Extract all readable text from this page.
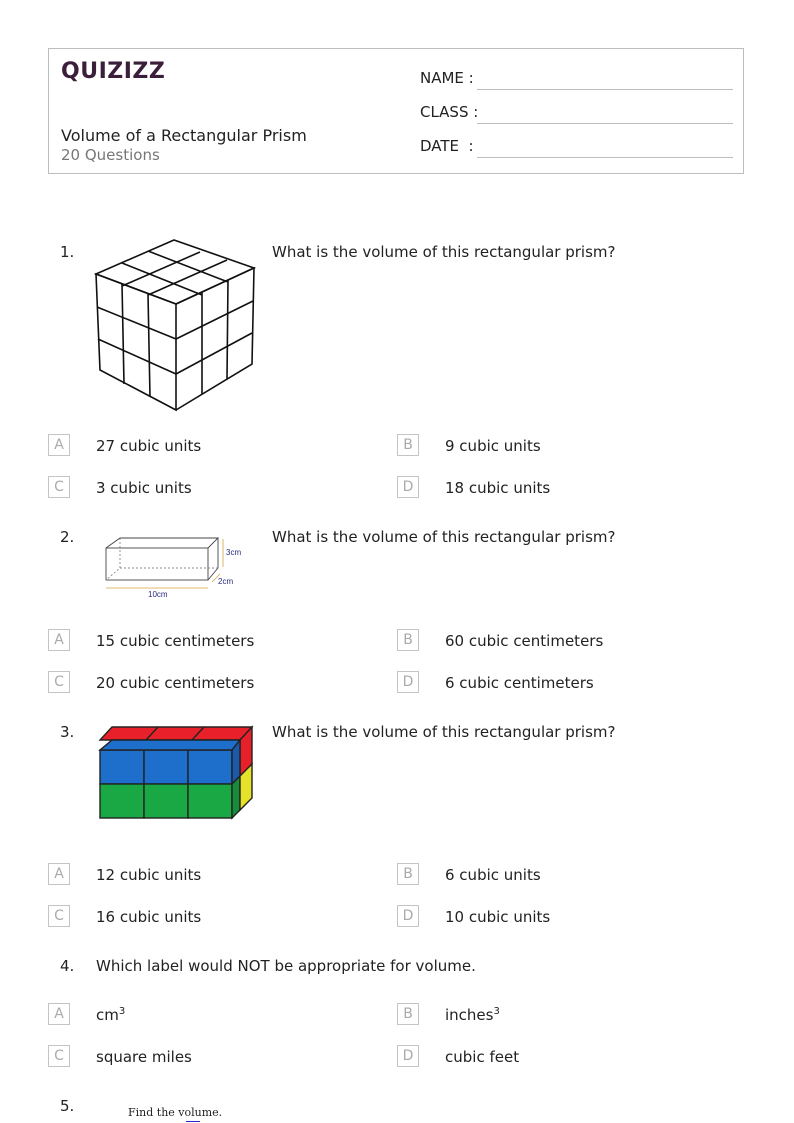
QUIZIZZ
Volume of a Rectangular Prism
20 Questions
NAME :
CLASS :
DATE  :
1.	What is the volume of this rectangular prism?
A	27 cubic units	B	9 cubic units
C	3 cubic units	D	18 cubic units
2.
3cm
2cm
10cm
What is the volume of this rectangular prism?
A	15 cubic centimeters	B	60 cubic centimeters
C	20 cubic centimeters	D	6 cubic centimeters
3.	What is the volume of this rectangular prism?
A	12 cubic units	B	6 cubic units
C	16 cubic units	D	10 cubic units
4. Which label would NOT be appropriate for volume.
A	$cm^3$	B	inches$^3$
C	square miles	D	cubic feet
5.	Find the volume.
